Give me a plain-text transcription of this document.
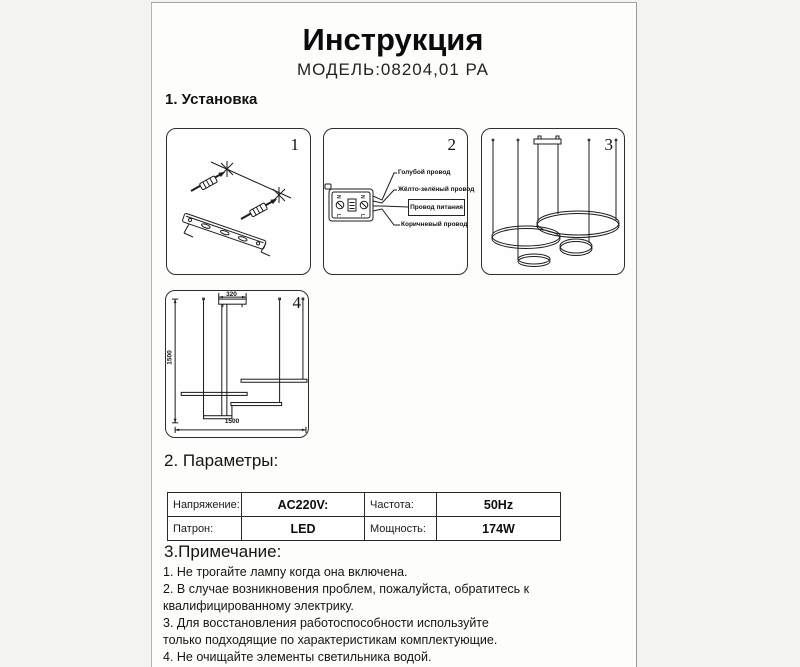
Инструкция
МОДЕЛЬ:08204,01 PA
1. Установка
1
N
L
N
L
Голубой провод
Жёлто-зелёный провод
Провод питания
Коричневый провод
2	3
320
1500
1500
4
2. Параметры:
Напряжение:	AC220V:	Частота:	50Hz
Патрон:	LED	Мощность:	174W
3.Примечание:
1. Не трогайте лампу когда она включена.
2. В случае возникновения проблем, пожалуйста, обратитесь к
квалифицированному электрику.
3. Для восстановления работоспособности используйте
только подходящие по характеристикам комплектующие.
4. Не очищайте элементы светильника водой.
